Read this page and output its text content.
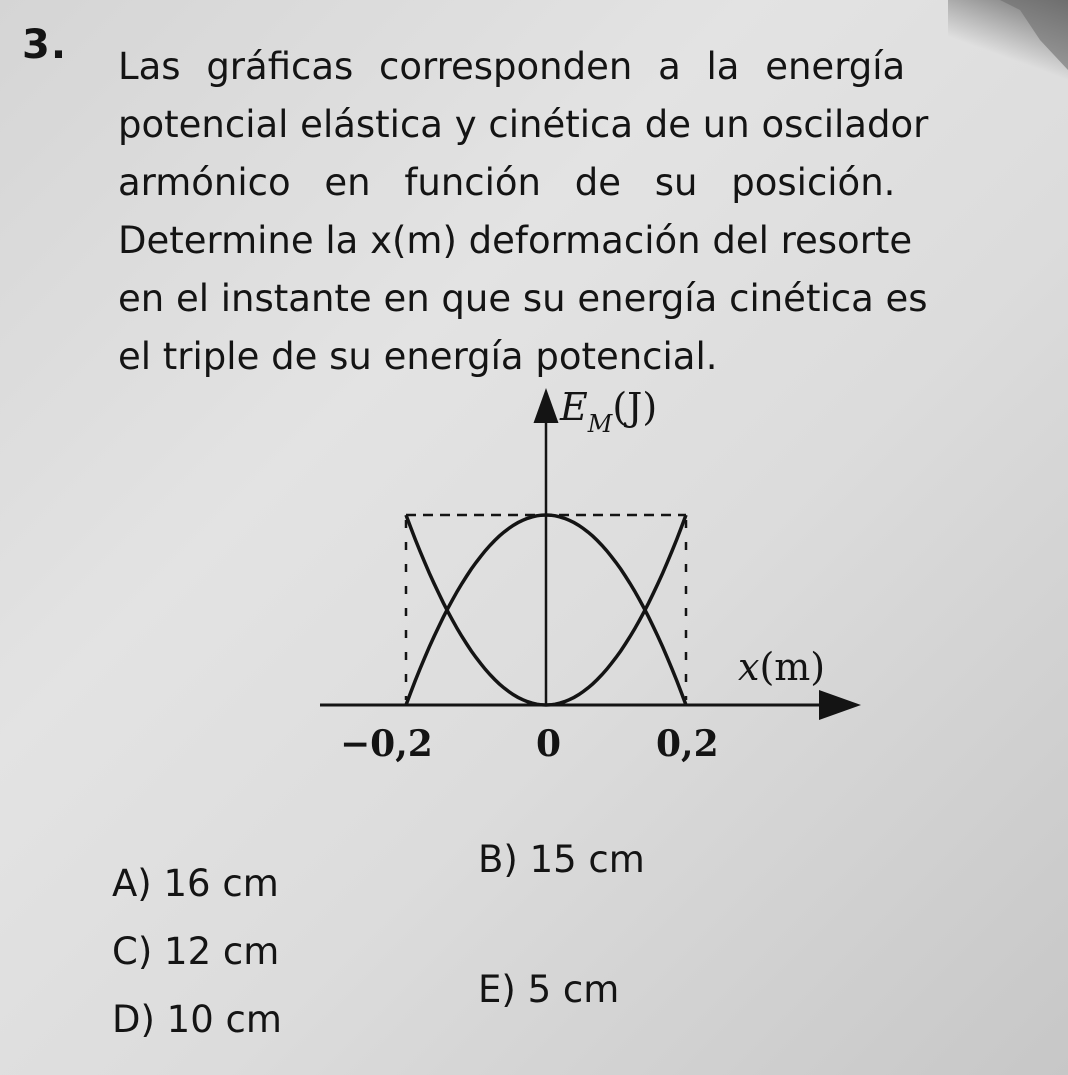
3. Las gráficas corresponden a la energía
potencial elástica y cinética de un oscilador
armónico en función de su posición.
Determine la x(m) deformación del resorte
en el instante en que su energía cinética es
el triple de su energía potencial.
$E_M(J)$
x(m)
−0,2	0	0,2
A) 16 cm
B) 15 cm
C) 12 cm
D) 10 cm
E) 5 cm
